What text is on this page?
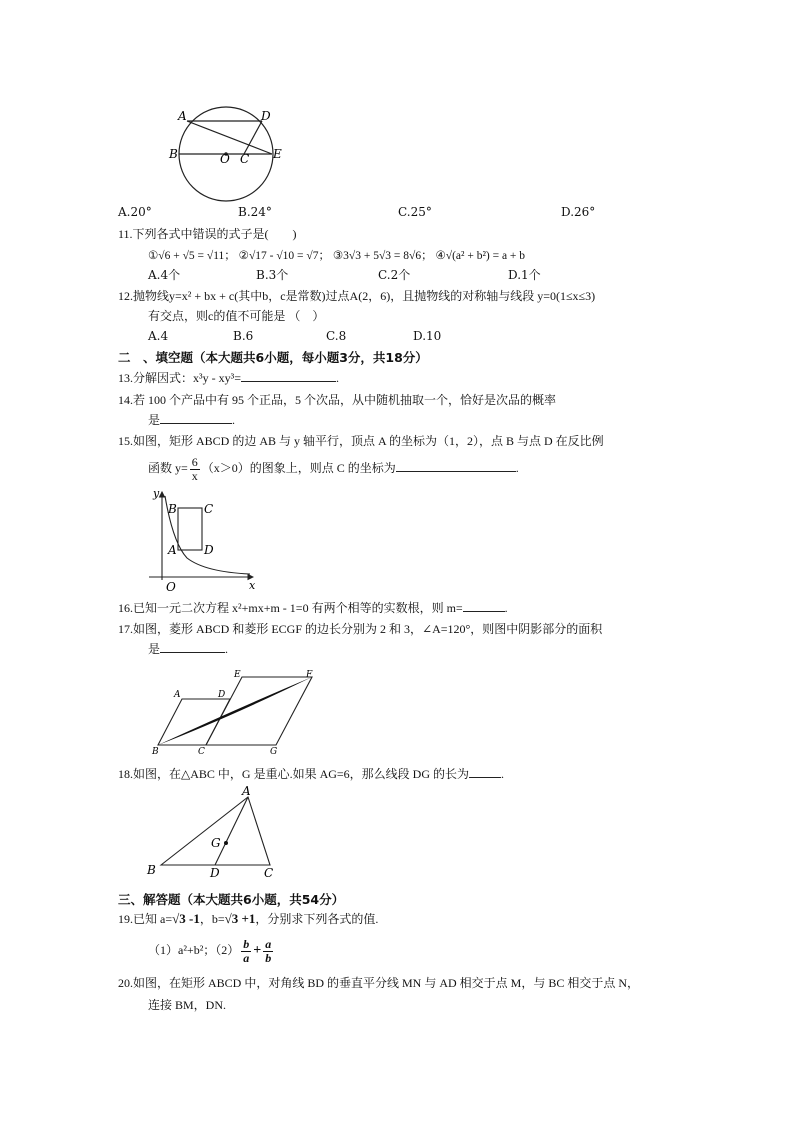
A	D
B	O C E
A.20°	B.24°	C.25°	D.26°
11.下列各式中错误的式子是(　　)
①√6 + √5 = √11； ②√17 - √10 = √7； ③3√3 + 5√3 = 8√6； ④√(a² + b²) = a + b
A.4个	B.3个	C.2个	D.1个
12.抛物线y=x² + bx + c(其中b，c是常数)过点A(2，6)，且抛物线的对称轴与线段 y=0(1≤x≤3)
有交点，则c的值不可能是 （　）
A.4	B.6	C.8	D.10
二　、填空题（本大题共6小题，每小题3分，共18分）
13.分解因式：x³y - xy³=	.
14.若 100 个产品中有 95 个正品，5 个次品，从中随机抽取一个，恰好是次品的概率
是	.
15.如图，矩形 ABCD 的边 AB 与 y 轴平行，顶点 A 的坐标为（1，2），点 B 与点 D 在反比例
函数 $y= \frac{6}{x} (x>0)$的图象上，则点 C 的坐标为	.
y
x
O
B C
A D
16.已知一元二次方程 x²+mx+m - 1=0 有两个相等的实数根，则 m=	.
17.如图，菱形 ABCD 和菱形 ECGF 的边长分别为 2 和 3，∠A=120°，则图中阴影部分的面积
是	.
A	D
E	F
B	C	G
18.如图，在△ABC 中，G 是重心.如果 AG=6，那么线段 DG 的长为	.
A
G
B	D	C
三、解答题（本大题共6小题，共54分）
19.已知 a=√3 -1，b=√3 +1，分别求下列各式的值.
（1）a²+b²；$(2) \frac{b}{a} + \frac{a}{b}$
20.如图，在矩形 ABCD 中，对角线 BD 的垂直平分线 MN 与 AD 相交于点 M，与 BC 相交于点 N，
连接 BM，DN.
